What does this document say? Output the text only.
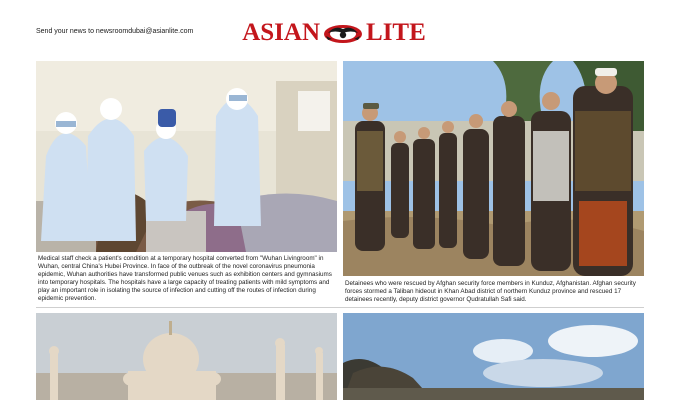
Send your news to newsroomdubai@asianlite.com ASIAN LITE
Medical staff check a patient's condition at a temporary hospital converted from "Wuhan Livingroom" in Wuhan, central China's Hubei Province. In face of the outbreak of the novel coronavirus pneumonia epidemic, Wuhan authorities have transformed public venues such as exhibition centers and gymnasiums into temporary hospitals. The hospitals have a large capacity of treating patients with mild symptoms and play an important role in isolating the source of infection and cutting off the routes of infection during epidemic prevention.
Detainees who were rescued by Afghan security force members in Kunduz, Afghanistan. Afghan security forces stormed a Taliban hideout in Khan Abad district of northern Kunduz province and rescued 17 detainees recently, deputy district governor Qudratullah Safi said.
